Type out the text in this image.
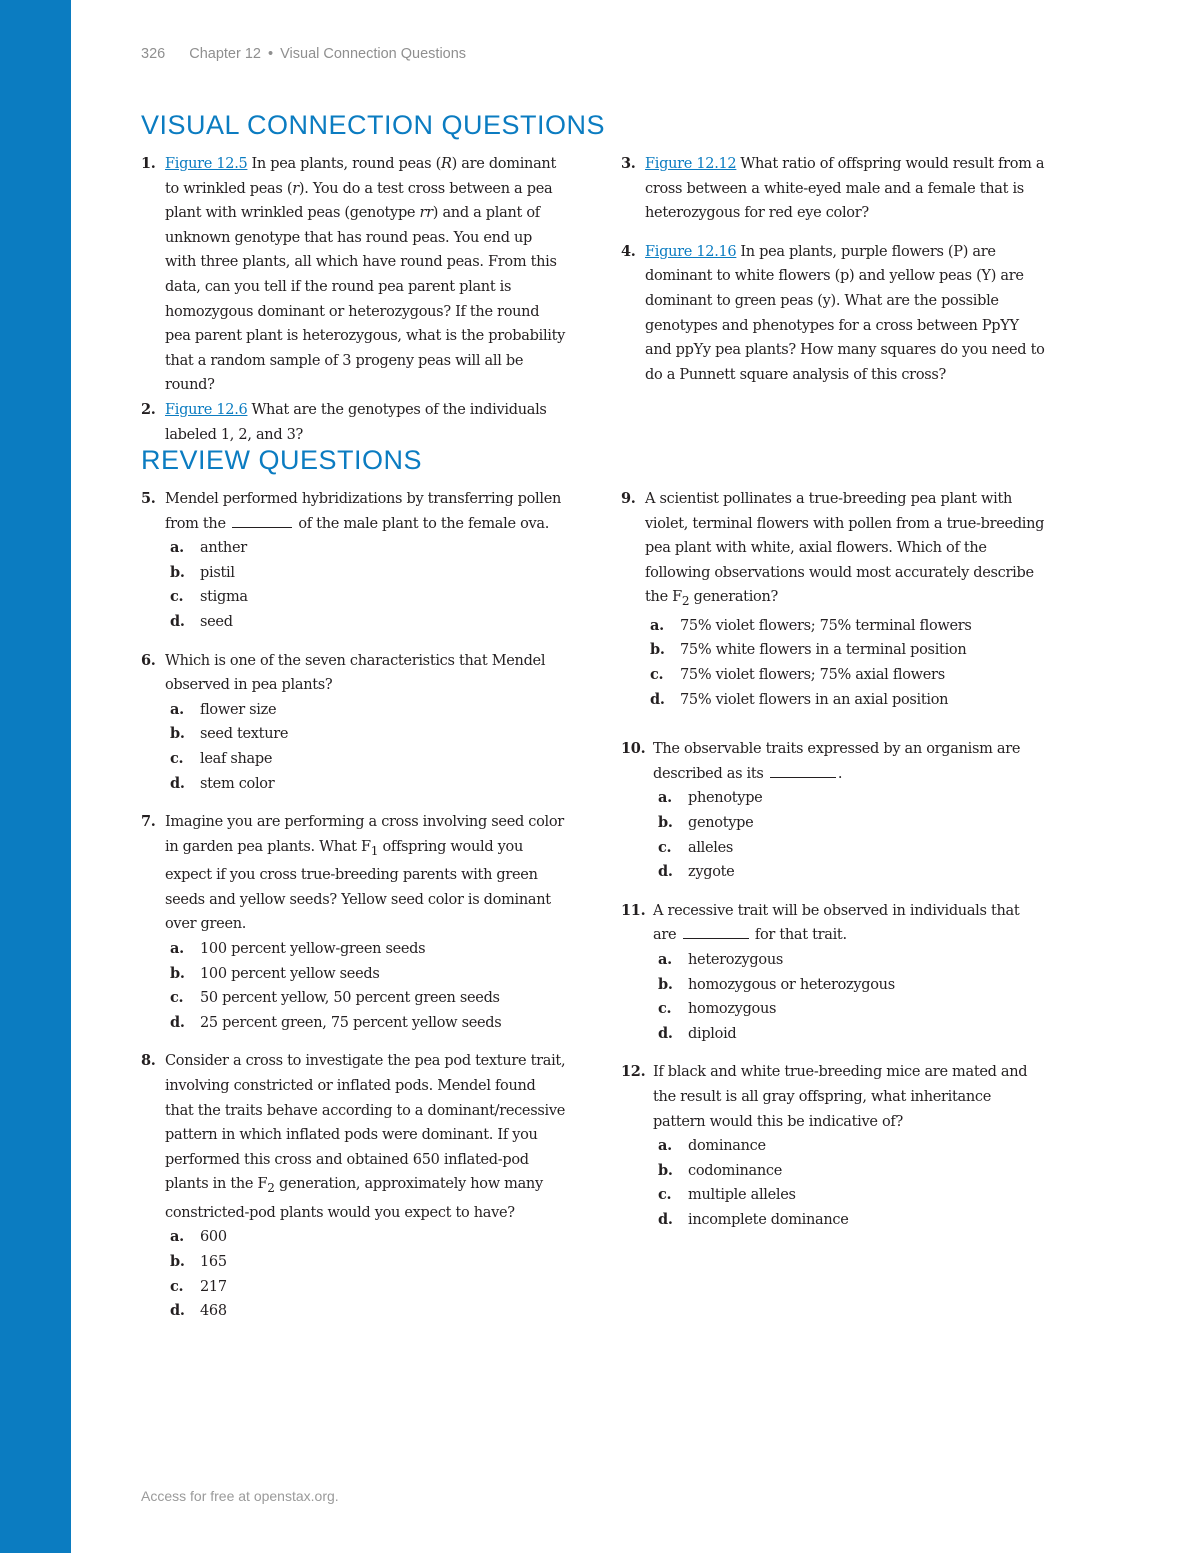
326 Chapter 12 • Visual Connection Questions
VISUAL CONNECTION QUESTIONS
1. Figure 12.5 In pea plants, round peas (R) are dominant to wrinkled peas (r). You do a test cross between a pea plant with wrinkled peas (genotype rr) and a plant of unknown genotype that has round peas. You end up with three plants, all which have round peas. From this data, can you tell if the round pea parent plant is homozygous dominant or heterozygous? If the round pea parent plant is heterozygous, what is the probability that a random sample of 3 progeny peas will all be round?
2. Figure 12.6 What are the genotypes of the individuals labeled 1, 2, and 3?
3. Figure 12.12 What ratio of offspring would result from a cross between a white-eyed male and a female that is heterozygous for red eye color?
4. Figure 12.16 In pea plants, purple flowers (P) are dominant to white flowers (p) and yellow peas (Y) are dominant to green peas (y). What are the possible genotypes and phenotypes for a cross between PpYY and ppYy pea plants? How many squares do you need to do a Punnett square analysis of this cross?
REVIEW QUESTIONS
5. Mendel performed hybridizations by transferring pollen from the	of the male plant to the female ova.
a. anther
b. pistil
c. stigma
d. seed
6. Which is one of the seven characteristics that Mendel observed in pea plants?
a. flower size
b. seed texture
c. leaf shape
d. stem color
7. Imagine you are performing a cross involving seed color in garden pea plants. What $F_1$ offspring would you expect if you cross true-breeding parents with green seeds and yellow seeds? Yellow seed color is dominant over green.
a. 100 percent yellow-green seeds
b. 100 percent yellow seeds
c. 50 percent yellow, 50 percent green seeds
d. 25 percent green, 75 percent yellow seeds
8. Consider a cross to investigate the pea pod texture trait, involving constricted or inflated pods. Mendel found that the traits behave according to a dominant/recessive pattern in which inflated pods were dominant. If you performed this cross and obtained 650 inflated-pod plants in the $F_2$ generation, approximately how many constricted-pod plants would you expect to have?
a. 600
b. 165
c. 217
d. 468
9. A scientist pollinates a true-breeding pea plant with violet, terminal flowers with pollen from a true-breeding pea plant with white, axial flowers. Which of the following observations would most accurately describe the $F_2$ generation?
a. 75% violet flowers; 75% terminal flowers
b. 75% white flowers in a terminal position
c. 75% violet flowers; 75% axial flowers
d. 75% violet flowers in an axial position
10. The observable traits expressed by an organism are described as its	.
a. phenotype
b. genotype
c. alleles
d. zygote
11. A recessive trait will be observed in individuals that are	for that trait.
a. heterozygous
b. homozygous or heterozygous
c. homozygous
d. diploid
12. If black and white true-breeding mice are mated and the result is all gray offspring, what inheritance pattern would this be indicative of?
a. dominance
b. codominance
c. multiple alleles
d. incomplete dominance
Access for free at openstax.org.
